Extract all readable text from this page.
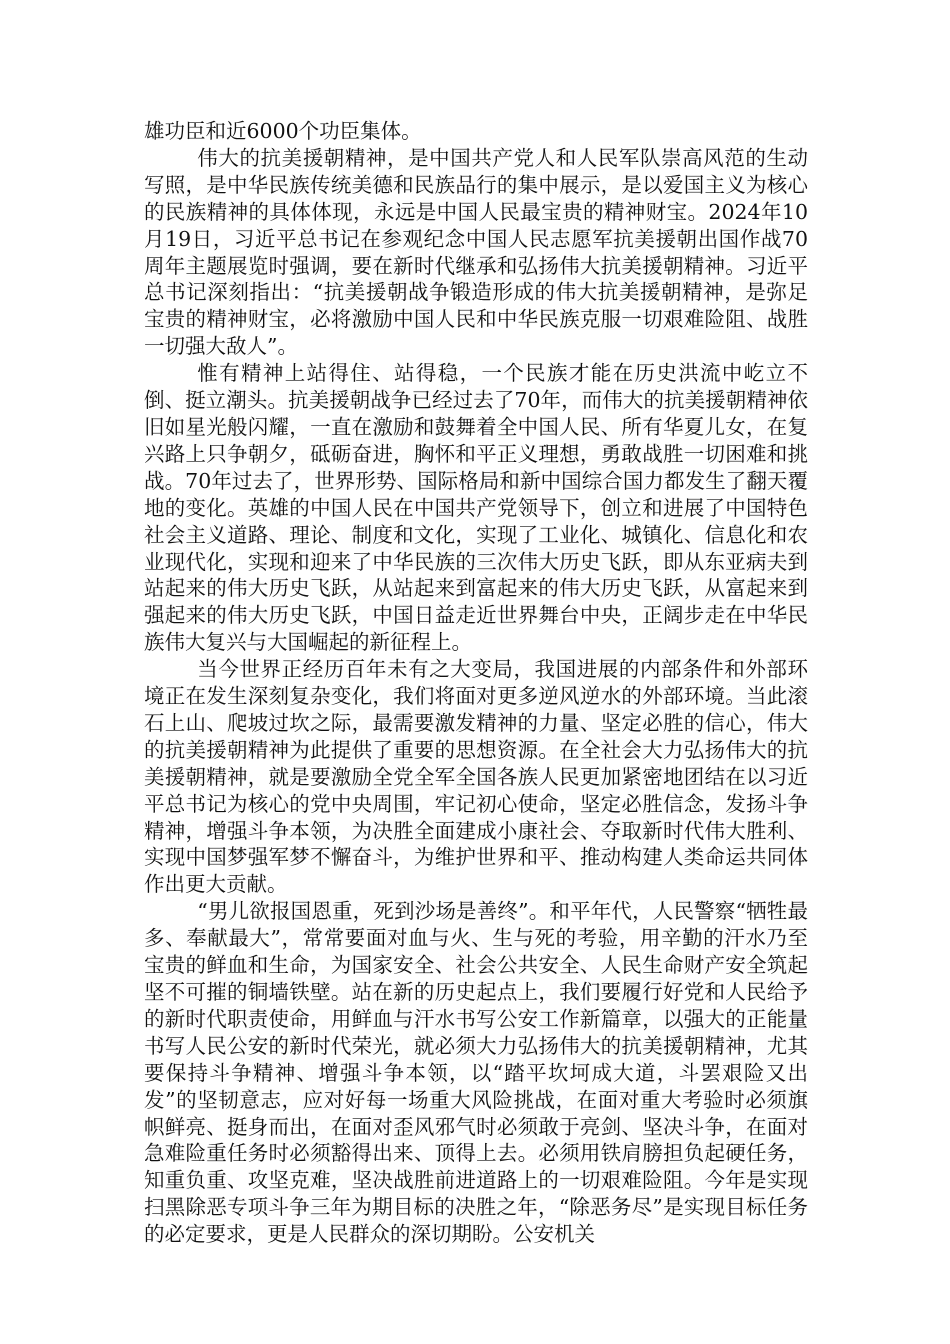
雄功臣和近6000个功臣集体。

伟大的抗美援朝精神，是中国共产党人和人民军队崇高风范的生动写照，是中华民族传统美德和民族品行的集中展示，是以爱国主义为核心的民族精神的具体体现，永远是中国人民最宝贵的精神财宝。2024年10月19日，习近平总书记在参观纪念中国人民志愿军抗美援朝出国作战70周年主题展览时强调，要在新时代继承和弘扬伟大抗美援朝精神。习近平总书记深刻指出：“抗美援朝战争锻造形成的伟大抗美援朝精神，是弥足宝贵的精神财宝，必将激励中国人民和中华民族克服一切艰难险阻、战胜一切强大敌人”。

惟有精神上站得住、站得稳，一个民族才能在历史洪流中屹立不倒、挺立潮头。抗美援朝战争已经过去了70年，而伟大的抗美援朝精神依旧如星光般闪耀，一直在激励和鼓舞着全中国人民、所有华夏儿女，在复兴路上只争朝夕，砥砺奋进，胸怀和平正义理想，勇敢战胜一切困难和挑战。70年过去了，世界形势、国际格局和新中国综合国力都发生了翻天覆地的变化。英雄的中国人民在中国共产党领导下，创立和进展了中国特色社会主义道路、理论、制度和文化，实现了工业化、城镇化、信息化和农业现代化，实现和迎来了中华民族的三次伟大历史飞跃，即从东亚病夫到站起来的伟大历史飞跃，从站起来到富起来的伟大历史飞跃，从富起来到强起来的伟大历史飞跃，中国日益走近世界舞台中央，正阔步走在中华民族伟大复兴与大国崛起的新征程上。

当今世界正经历百年未有之大变局，我国进展的内部条件和外部环境正在发生深刻复杂变化，我们将面对更多逆风逆水的外部环境。当此滚石上山、爬坡过坎之际，最需要激发精神的力量、坚定必胜的信心，伟大的抗美援朝精神为此提供了重要的思想资源。在全社会大力弘扬伟大的抗美援朝精神，就是要激励全党全军全国各族人民更加紧密地团结在以习近平总书记为核心的党中央周围，牢记初心使命，坚定必胜信念，发扬斗争精神，增强斗争本领，为决胜全面建成小康社会、夺取新时代伟大胜利、实现中国梦强军梦不懈奋斗，为维护世界和平、推动构建人类命运共同体作出更大贡献。

“男儿欲报国恩重，死到沙场是善终”。和平年代，人民警察“牺牲最多、奉献最大”，常常要面对血与火、生与死的考验，用辛勤的汗水乃至宝贵的鲜血和生命，为国家安全、社会公共安全、人民生命财产安全筑起坚不可摧的铜墙铁壁。站在新的历史起点上，我们要履行好党和人民给予的新时代职责使命，用鲜血与汗水书写公安工作新篇章，以强大的正能量书写人民公安的新时代荣光，就必须大力弘扬伟大的抗美援朝精神，尤其要保持斗争精神、增强斗争本领，以“踏平坎坷成大道，斗罢艰险又出发”的坚韧意志，应对好每一场重大风险挑战，在面对重大考验时必须旗帜鲜亮、挺身而出，在面对歪风邪气时必须敢于亮剑、坚决斗争，在面对急难险重任务时必须豁得出来、顶得上去。必须用铁肩膀担负起硬任务，知重负重、攻坚克难，坚决战胜前进道路上的一切艰难险阻。今年是实现扫黑除恶专项斗争三年为期目标的决胜之年，“除恶务尽”是实现目标任务的必定要求，更是人民群众的深切期盼。公安机关
